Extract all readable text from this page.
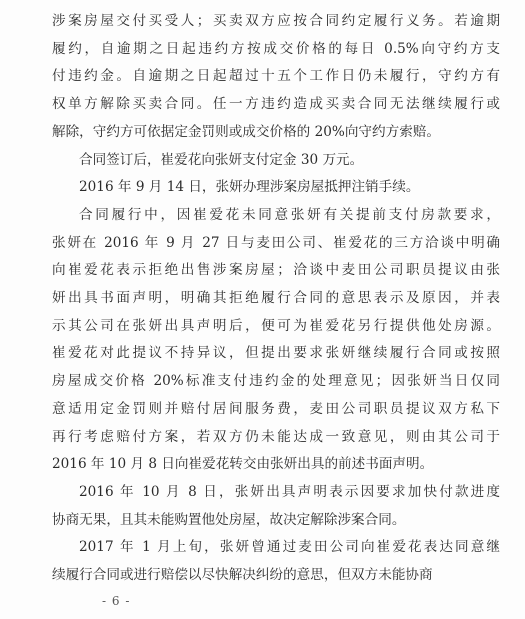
涉案房屋交付买受人；买卖双方应按合同约定履行义务。若逾期
履约，自逾期之日起违约方按成交价格的每日 0.5%向守约方支
付违约金。自逾期之日起超过十五个工作日仍未履行，守约方有
权单方解除买卖合同。任一方违约造成买卖合同无法继续履行或
解除，守约方可依据定金罚则或成交价格的 20%向守约方索赔。
合同签订后，崔爱花向张妍支付定金 30 万元。
2016 年 9 月 14 日，张妍办理涉案房屋抵押注销手续。
合同履行中，因崔爱花未同意张妍有关提前支付房款要求，
张妍在 2016 年 9 月 27 日与麦田公司、崔爱花的三方洽谈中明确
向崔爱花表示拒绝出售涉案房屋；洽谈中麦田公司职员提议由张
妍出具书面声明，明确其拒绝履行合同的意思表示及原因，并表
示其公司在张妍出具声明后，便可为崔爱花另行提供他处房源。
崔爱花对此提议不持异议，但提出要求张妍继续履行合同或按照
房屋成交价格 20%标准支付违约金的处理意见；因张妍当日仅同
意适用定金罚则并赔付居间服务费，麦田公司职员提议双方私下
再行考虑赔付方案，若双方仍未能达成一致意见，则由其公司于
2016 年 10 月 8 日向崔爱花转交由张妍出具的前述书面声明。
2016 年 10 月 8 日，张妍出具声明表示因要求加快付款进度
协商无果，且其未能购置他处房屋，故决定解除涉案合同。
2017 年 1 月上旬，张妍曾通过麦田公司向崔爱花表达同意继
续履行合同或进行赔偿以尽快解决纠纷的意思，但双方未能协商
- 6 -
